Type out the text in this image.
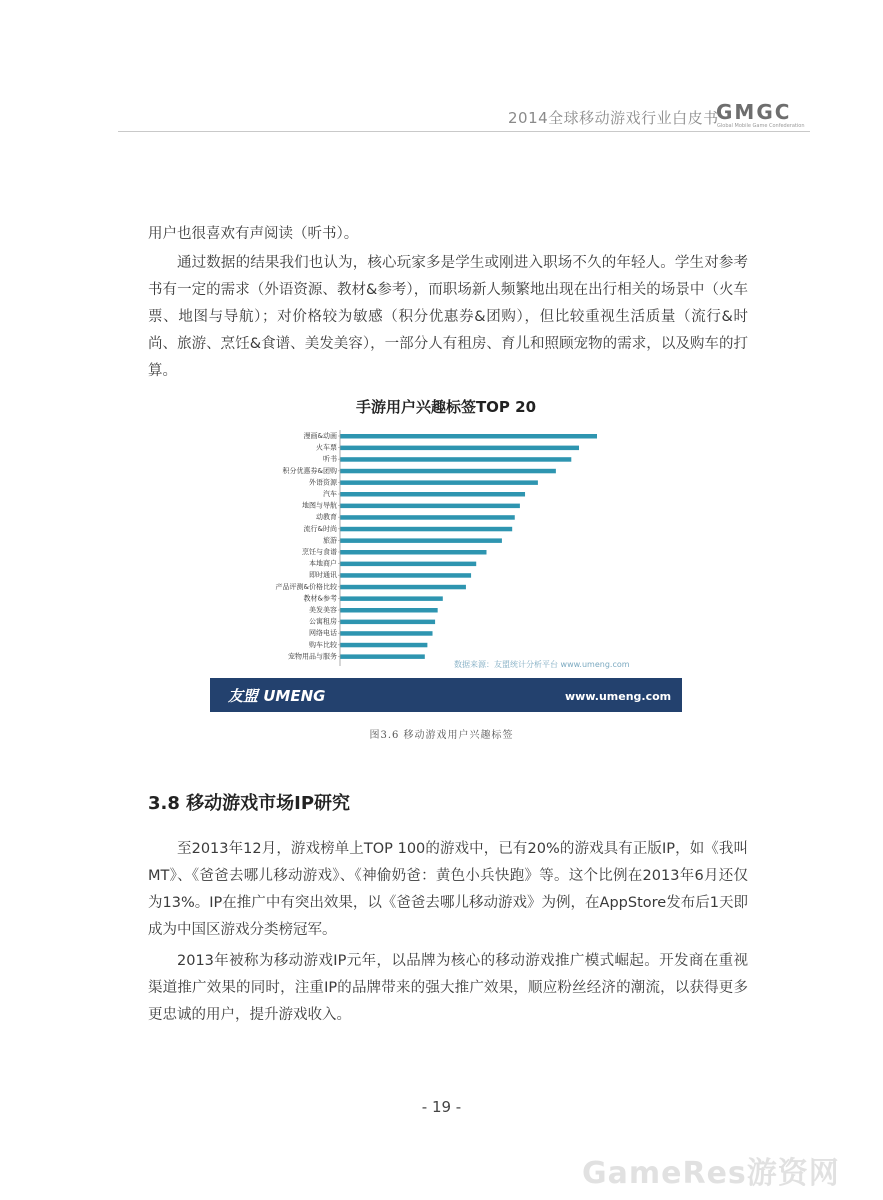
2014全球移动游戏行业白皮书
GMGC
Global Mobile Game Confederation
用户也很喜欢有声阅读（听书）。
通过数据的结果我们也认为，核心玩家多是学生或刚进入职场不久的年轻人。学生对参考书有一定的需求（外语资源、教材&参考），而职场新人频繁地出现在出行相关的场景中（火车票、地图与导航）；对价格较为敏感（积分优惠券&团购），但比较重视生活质量（流行&时尚、旅游、烹饪&食谱、美发美容），一部分人有租房、育儿和照顾宠物的需求，以及购车的打算。
手游用户兴趣标签TOP 20
漫画&动画
火车票
听书
积分优惠券&团购
外语资源
汽车
地图与导航
动教育
流行&时尚
旅游
烹饪与食谱
本地商户
即时通讯
产品评测&价格比较
教材&参考
美发美容
公寓租房
网络电话
购车比较
宠物用品与服务
数据来源：友盟统计分析平台 www.umeng.com
友盟 UMENG	www.umeng.com
图3.6 移动游戏用户兴趣标签
3.8 移动游戏市场IP研究
至2013年12月，游戏榜单上TOP 100的游戏中，已有20%的游戏具有正版IP，如《我叫MT》、《爸爸去哪儿移动游戏》、《神偷奶爸：黄色小兵快跑》等。这个比例在2013年6月还仅为13%。IP在推广中有突出效果，以《爸爸去哪儿移动游戏》为例，在AppStore发布后1天即成为中国区游戏分类榜冠军。
2013年被称为移动游戏IP元年，以品牌为核心的移动游戏推广模式崛起。开发商在重视渠道推广效果的同时，注重IP的品牌带来的强大推广效果，顺应粉丝经济的潮流，以获得更多更忠诚的用户，提升游戏收入。
- 19 -
GameRes游资网
